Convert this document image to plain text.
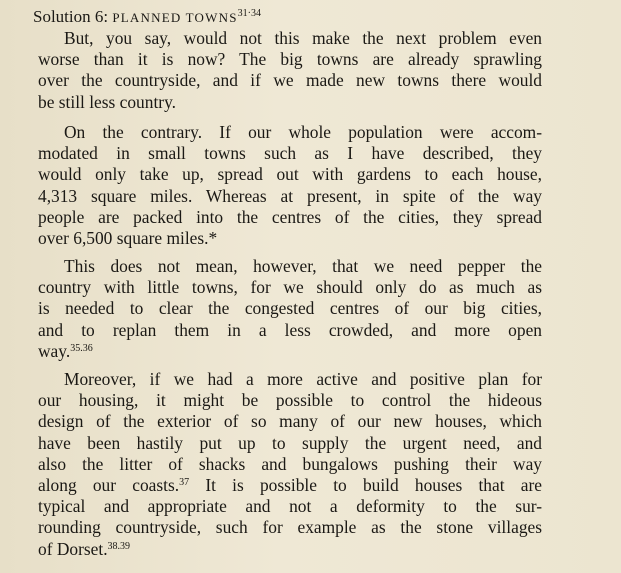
Solution 6: PLANNED $TOWNS^{31\cdot 34}$

But, you say, would not this make the next problem even
worse than it is now? The big towns are already sprawling
over the countryside, and if we made new towns there would
be still less country.

On the contrary. If our whole population were accom-
modated in small towns such as I have described, they
would only take up, spread out with gardens to each house,
4,313 square miles. Whereas at present, in spite of the way
people are packed into the centres of the cities, they spread
over 6,500 square miles.*

This does not mean, however, that we need pepper the
country with little towns, for we should only do as much as
is needed to clear the congested centres of our big cities,
and to replan them in a less crowded, and more open
way.$^{35.36}$

Moreover, if we had a more active and positive plan for
our housing, it might be possible to control the hideous
design of the exterior of so many of our new houses, which
have been hastily put up to supply the urgent need, and
also the litter of shacks and bungalows pushing their way
along our coasts.$^{37}$ It is possible to build houses that are
typical and appropriate and not a deformity to the sur-
rounding countryside, such for example as the stone villages
of Dorset.$^{38.39}$
